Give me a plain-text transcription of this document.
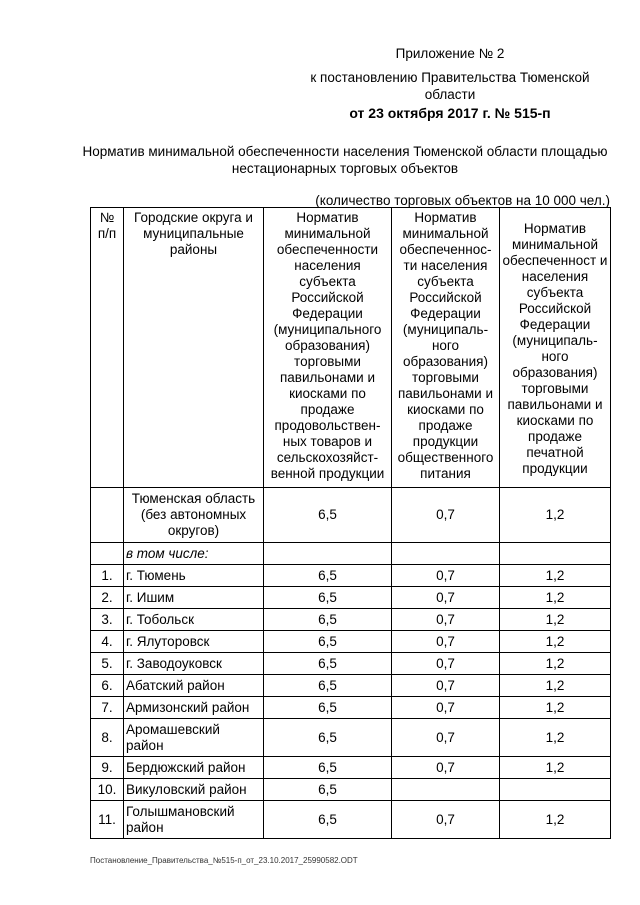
Приложение № 2
к постановлению Правительства Тюменской области
от 23 октября 2017 г. № 515-п
Норматив минимальной обеспеченности населения Тюменской области площадью нестационарных торговых объектов
(количество торговых объектов на 10 000 чел.)
№ п/п	Городские округа и муниципальные районы	Норматив минимальной обеспеченности населения субъекта Российской Федерации (муниципального образования) торговыми павильонами и киосками по продаже продовольствен-ных товаров и сельскохозяйст-венной продукции	Норматив минимальной обеспеченнос-ти населения субъекта Российской Федерации (муниципаль-ного образования) торговыми павильонами и киосками по продаже продукции общественного питания	Норматив минимальной обеспеченност и населения субъекта Российской Федерации (муниципаль-ного образования) торговыми павильонами и киосками по продаже печатной продукции
	Тюменская область (без автономных округов)	6,5	0,7	1,2
	в том числе:			
1.	г. Тюмень	6,5	0,7	1,2
2.	г. Ишим	6,5	0,7	1,2
3.	г. Тобольск	6,5	0,7	1,2
4.	г. Ялуторовск	6,5	0,7	1,2
5.	г. Заводоуковск	6,5	0,7	1,2
6.	Абатский район	6,5	0,7	1,2
7.	Армизонский район	6,5	0,7	1,2
8.	Аромашевский район	6,5	0,7	1,2
9.	Бердюжский район	6,5	0,7	1,2
10.	Викуловский район	6,5		
11.	Голышмановский район	6,5	0,7	1,2
Постановление_Правительства_№515-п_от_23.10.2017_25990582.ODT
